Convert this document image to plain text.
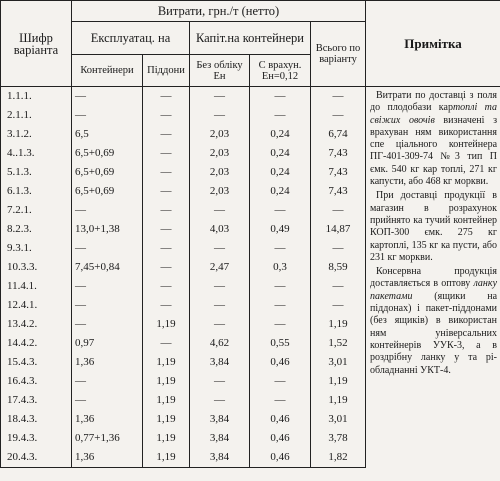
Шифр варіанта	Витрати, грн./т (нетто)					Примітка
	Експлуатац. на		Капіт.на контейнери		Всього по варіанту	
	Контейнери	Піддони	Без обліку Ен	С врахун. Ен=0,12		
1.1.1.	—	—	—	—	—	Витрати по доставці з поля до плодобази картоплі та свіжих овочів визначені з врахуван ням використання спе ціального контейнера ПГ-401-309-74 №3 тип П ємк. 540 кг кар топлі, 271 кг капусти, або 468 кг моркви.

При доставці продукції в магазин в розрахунок прийнято ка тучий контейнер КОП-300 ємк. 275 кг картоплі, 135 кг ка пусти, або 231 кг моркви.

Консервна продукція доставляється в оптову ланку пакетами (ящики на піддонах) і пакет-піддонами (без ящиків) в використан ням універсальних контейнерів УУК-3, а в роздрібну ланку у та рі-обладнанні УКТ-4.

2.1.1.	—	—	—	—	—	
3.1.2.	6,5	—	2,03	0,24	6,74	
4..1.3.	6,5+0,69	—	2,03	0,24	7,43	
5.1.3.	6,5+0,69	—	2,03	0,24	7,43	
6.1.3.	6,5+0,69	—	2,03	0,24	7,43	
7.2.1.	—	—	—	—	—	
8.2.3.	13,0+1,38	—	4,03	0,49	14,87	
9.3.1.	—	—	—	—	—	
10.3.3.	7,45+0,84	—	2,47	0,3	8,59	
11.4.1.	—	—	—	—	—	
12.4.1.	—	—	—	—	—	
13.4.2.	—	1,19	—	—	1,19	
14.4.2.	0,97	—	4,62	0,55	1,52	
15.4.3.	1,36	1,19	3,84	0,46	3,01	
16.4.3.	—	1,19	—	—	1,19	
17.4.3.	—	1,19	—	—	1,19	
18.4.3.	1,36	1,19	3,84	0,46	3,01	
19.4.3.	0,77+1,36	1,19	3,84	0,46	3,78	
20.4.3.	1,36	1,19	3,84	0,46	1,82	
